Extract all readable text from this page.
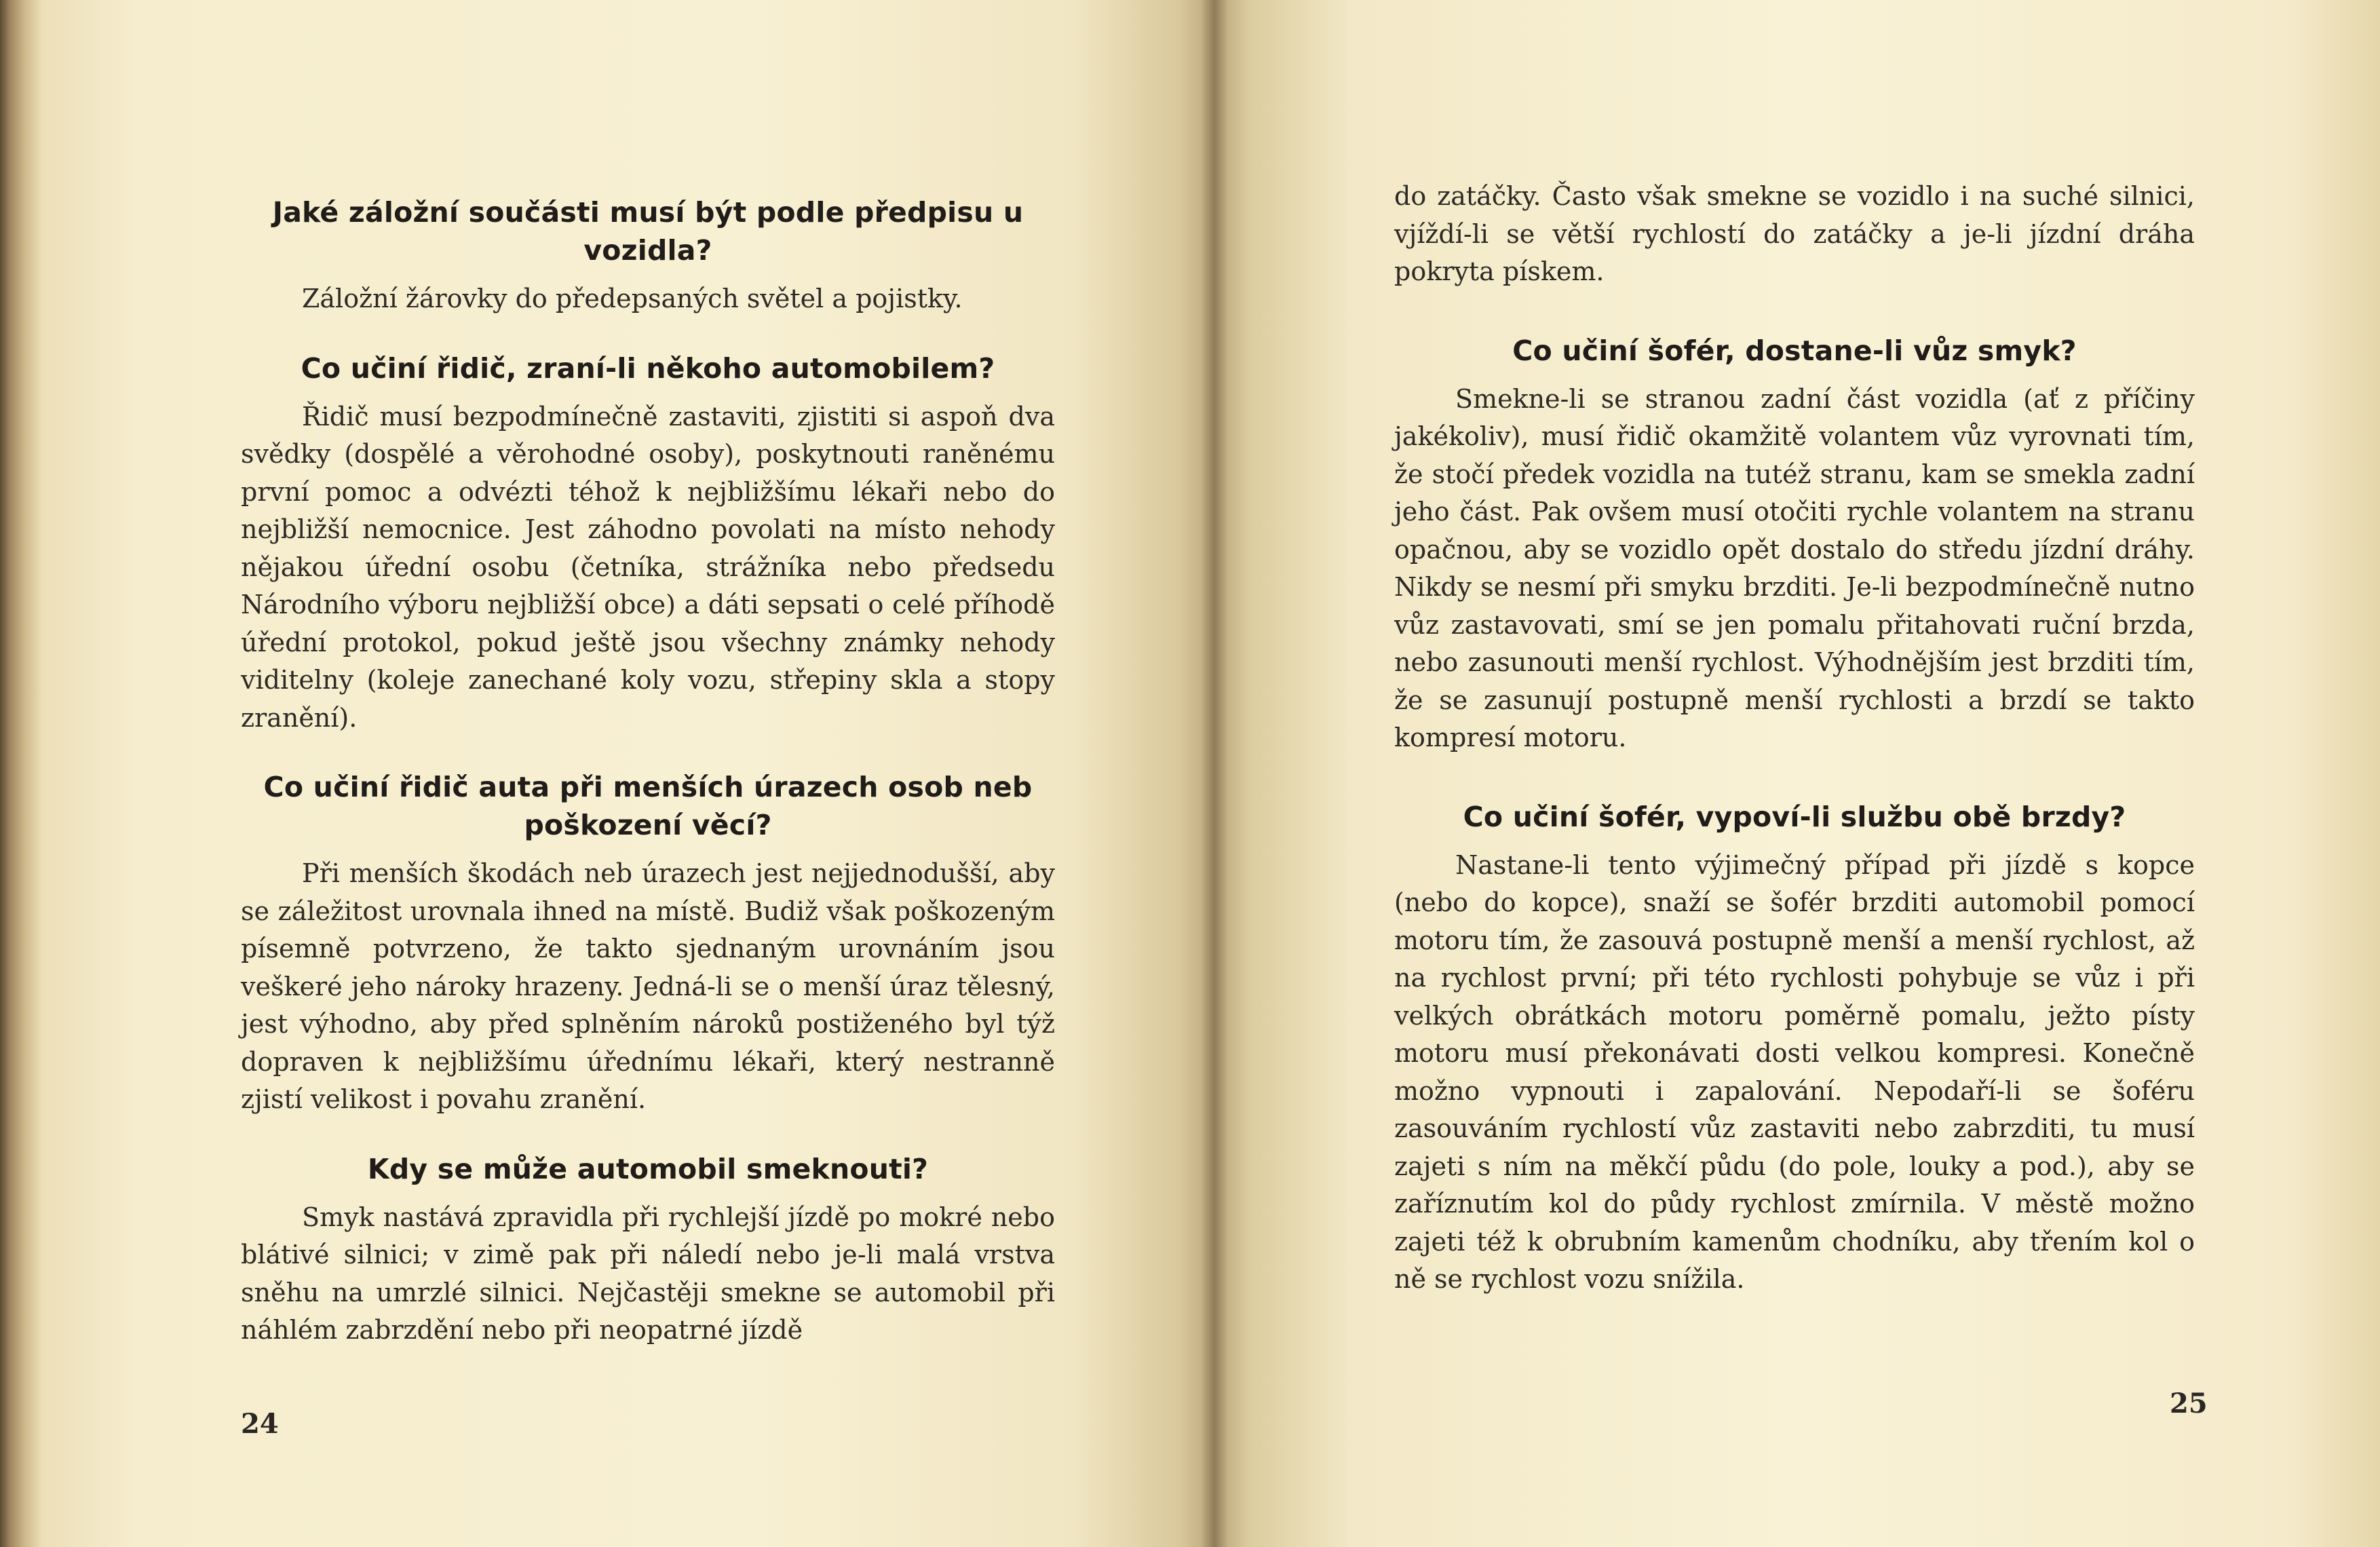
Jaké záložní součásti musí být podle předpisu u vozidla?

Záložní žárovky do předepsaných světel a pojistky.

Co učiní řidič, zraní-li někoho automobilem?

Řidič musí bezpodmínečně zastaviti, zjistiti si aspoň dva svědky (dospělé a věrohodné osoby), poskytnouti raněnému první pomoc a odvézti téhož k nejbližšímu lékaři nebo do nejbližší nemocnice. Jest záhodno povolati na místo nehody nějakou úřední osobu (četníka, strážníka nebo předsedu Národního výboru nejbližší obce) a dáti sepsati o celé příhodě úřední protokol, pokud ještě jsou všechny známky nehody viditelny (koleje zanechané koly vozu, střepiny skla a stopy zranění).

Co učiní řidič auta při menších úrazech osob neb poškození věcí?

Při menších škodách neb úrazech jest nejjednodušší, aby se záležitost urovnala ihned na místě. Budiž však poškozeným písemně potvrzeno, že takto sjednaným urovnáním jsou veškeré jeho nároky hrazeny. Jedná-li se o menší úraz tělesný, jest výhodno, aby před splněním nároků postiženého byl týž dopraven k nejbližšímu úřednímu lékaři, který nestranně zjistí velikost i povahu zranění.

Kdy se může automobil smeknouti?

Smyk nastává zpravidla při rychlejší jízdě po mokré nebo blátivé silnici; v zimě pak při náledí nebo je-li malá vrstva sněhu na umrzlé silnici. Nejčastěji smekne se automobil při náhlém zabrzdění nebo při neopatrné jízdě

24

do zatáčky. Často však smekne se vozidlo i na suché silnici, vjíždí-li se větší rychlostí do zatáčky a je-li jízdní dráha pokryta pískem.

Co učiní šofér, dostane-li vůz smyk?

Smekne-li se stranou zadní část vozidla (ať z příčiny jakékoliv), musí řidič okamžitě volantem vůz vyrovnati tím, že stočí předek vozidla na tutéž stranu, kam se smekla zadní jeho část. Pak ovšem musí otočiti rychle volantem na stranu opačnou, aby se vozidlo opět dostalo do středu jízdní dráhy. Nikdy se nesmí při smyku brzditi. Je-li bezpodmínečně nutno vůz zastavovati, smí se jen pomalu přitahovati ruční brzda, nebo zasunouti menší rychlost. Výhodnějším jest brzditi tím, že se zasunují postupně menší rychlosti a brzdí se takto kompresí motoru.

Co učiní šofér, vypoví-li službu obě brzdy?

Nastane-li tento výjimečný případ při jízdě s kopce (nebo do kopce), snaží se šofér brzditi automobil pomocí motoru tím, že zasouvá postupně menší a menší rychlost, až na rychlost první; při této rychlosti pohybuje se vůz i při velkých obrátkách motoru poměrně pomalu, ježto písty motoru musí překonávati dosti velkou kompresi. Konečně možno vypnouti i zapalování. Nepodaří-li se šoféru zasouváním rychlostí vůz zastaviti nebo zabrzditi, tu musí zajeti s ním na měkčí půdu (do pole, louky a pod.), aby se zaříznutím kol do půdy rychlost zmírnila. V městě možno zajeti též k obrubním kamenům chodníku, aby třením kol o ně se rychlost vozu snížila.

25
